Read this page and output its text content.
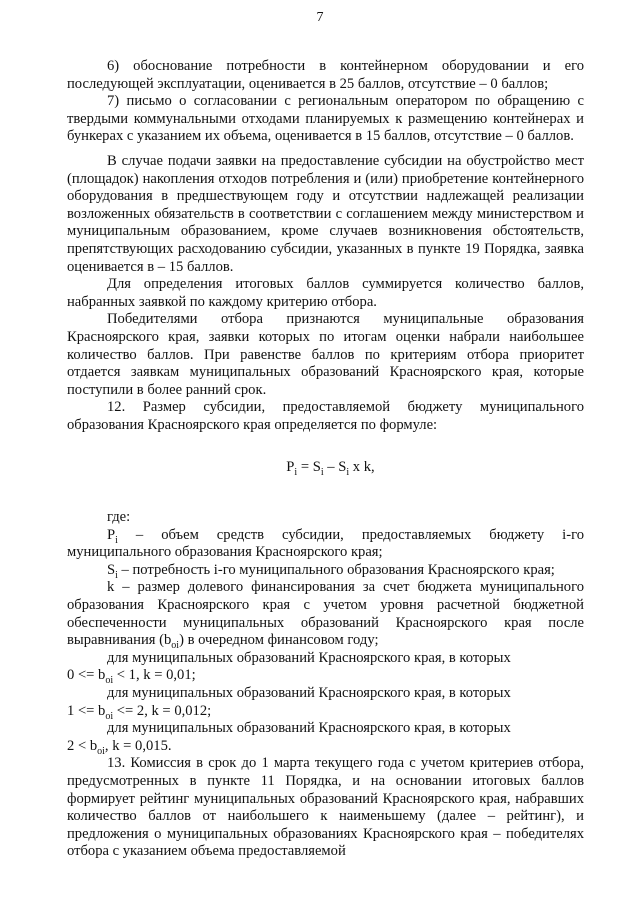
7

6) обоснование потребности в контейнерном оборудовании и его последующей эксплуатации, оценивается в 25 баллов, отсутствие – 0 баллов;

7) письмо о согласовании с региональным оператором по обращению с твердыми коммунальными отходами планируемых к размещению контейнерах и бункерах с указанием их объема, оценивается в 15 баллов, отсутствие – 0 баллов.

В случае подачи заявки на предоставление субсидии на обустройство мест (площадок) накопления отходов потребления и (или) приобретение контейнерного оборудования в предшествующем году и отсутствии надлежащей реализации возложенных обязательств в соответствии с соглашением между министерством и муниципальным образованием, кроме случаев возникновения обстоятельств, препятствующих расходованию субсидии, указанных в пункте 19 Порядка, заявка оценивается в – 15 баллов.

Для определения итоговых баллов суммируется количество баллов, набранных заявкой по каждому критерию отбора.

Победителями отбора признаются муниципальные образования Красноярского края, заявки которых по итогам оценки набрали наибольшее количество баллов. При равенстве баллов по критериям отбора приоритет отдается заявкам муниципальных образований Красноярского края, которые поступили в более ранний срок.

12. Размер субсидии, предоставляемой бюджету муниципального образования Красноярского края определяется по формуле:

$P_i = S_i - S_i$ x k,

где:

$P_i$ – объем средств субсидии, предоставляемых бюджету i-го муниципального образования Красноярского края;

$S_i$ – потребность i-го муниципального образования Красноярского края;

k – размер долевого финансирования за счет бюджета муниципального образования Красноярского края с учетом уровня расчетной бюджетной обеспеченности муниципальных образований Красноярского края после выравнивания $(b_{oi})$ в очередном финансовом году;

для муниципальных образований Красноярского края, в которых

$0 <= b_{oi} < 1$, k = 0,01;

для муниципальных образований Красноярского края, в которых

$1 <= b_{oi} <= 2$, k = 0,012;

для муниципальных образований Красноярского края, в которых

$2 < b_{oi}$, k = 0,015.

13. Комиссия в срок до 1 марта текущего года с учетом критериев отбора, предусмотренных в пункте 11 Порядка, и на основании итоговых баллов формирует рейтинг муниципальных образований Красноярского края, набравших количество баллов от наибольшего к наименьшему (далее – рейтинг), и предложения о муниципальных образованиях Красноярского края – победителях отбора с указанием объема предоставляемой
